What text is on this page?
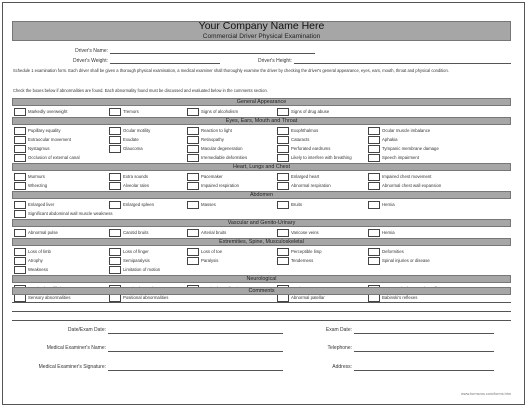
Your Company Name Here
Commercial Driver Physical Examination
Driver's Name:
Driver's Weight:	Driver's Height:
Schedule 1 examination form. Each driver shall be given a thorough physical examination, a medical examiner shall thoroughly examine the driver by checking the driver's general appearance, eyes, ears, mouth, throat and physical condition.
Check the boxes below if abnormalities are found. Each abnormality found must be discussed and evaluated below in the comments section.
General Appearance
Markedly overweight	Tremors	Signs of alcoholism	Signs of drug abuse
Eyes, Ears, Mouth and Throat
Pupillary equality	Ocular motility	Reaction to light	Exophthalmos	Ocular muscle imbalance
Extraocular movement	Exudate	Retinopathy	Cataracts	Aphakia
Nystagmus	Glaucoma	Macular degeneration	Perforated eardrums	Tympanic membrane damage
Occlusion of external canal	Irremediable deformities	Likely to interfere with breathing	Speech impairment
Heart, Lungs and Chest
Murmurs	Extra sounds	Pacemaker	Enlarged heart	Impaired chest movement
Wheezing	Alveolar rales	Impaired respiration	Abnormal respiration	Abnormal chest wall expansion
Abdomen
Enlarged liver	Enlarged spleen	Masses	Bruits	Hernia
Significant abdominal wall muscle weakness
Vascular and Genito-Urinary
Abnormal pulse	Carotid bruits	Arterial bruits	Varicose veins	Hernia
Extremities, Spine, Musculoskeletal
Loss of limb	Loss of finger	Loss of toe	Perceptible limp	Deformities
Atrophy	Semiparalysis	Paralysis	Tenderness	Spinal injuries or disease
Weakness	Limitation of motion
Neurological
Sensory abnormalities	Positional abnormalities	Abnormal patellar	Babinski's reflexes
Comments
Date/Exam Date:	Exam Date:
Medical Examiner's Name:	Telephone:
Medical Examiner's Signature:	Address:
www.formsrus.com/forms.htm
